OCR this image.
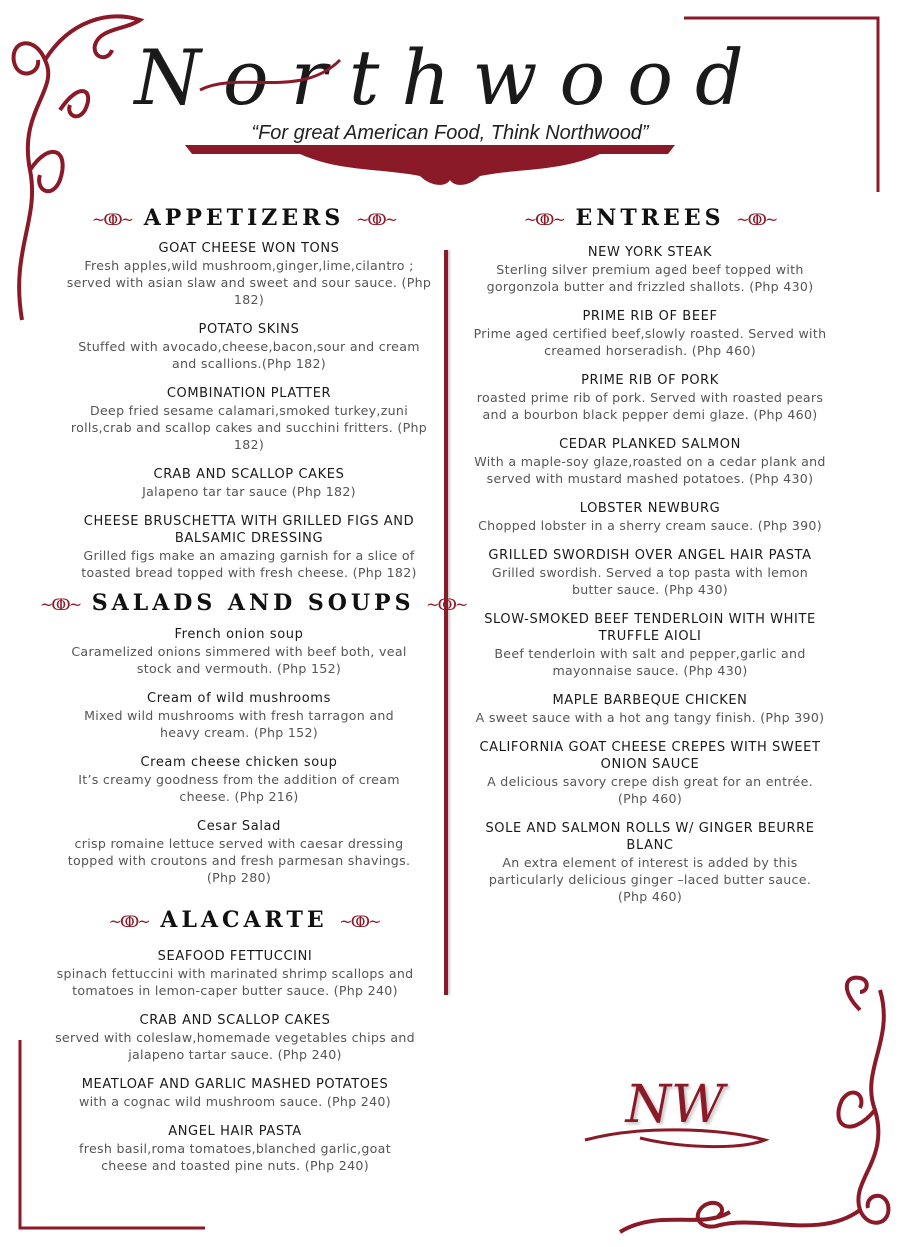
Northwood
“For great American Food, Think Northwood”
~ↂ~ APPETIZERS ~ↂ~
GOAT CHEESE WON TONS
Fresh apples,wild mushroom,ginger,lime,cilantro ; served with asian slaw and sweet and sour sauce. (Php 182)
POTATO SKINS
Stuffed with avocado,cheese,bacon,sour and cream and scallions.(Php 182)
COMBINATION PLATTER
Deep fried sesame calamari,smoked turkey,zuni rolls,crab and scallop cakes and succhini fritters. (Php 182)
CRAB AND SCALLOP CAKES
Jalapeno tar tar sauce (Php 182)
CHEESE BRUSCHETTA WITH GRILLED FIGS AND BALSAMIC DRESSING
Grilled figs make an amazing garnish for a slice of toasted bread topped with fresh cheese. (Php 182)
~ↂ~ SALADS AND SOUPS ~ↂ~
French onion soup
Caramelized onions simmered with beef both, veal stock and vermouth. (Php 152)
Cream of wild mushrooms
Mixed wild mushrooms with fresh tarragon and heavy cream. (Php 152)
Cream cheese chicken soup
It’s creamy goodness from the addition of cream cheese. (Php 216)
Cesar Salad
crisp romaine lettuce served with caesar dressing topped with croutons and fresh parmesan shavings. (Php 280)
~ↂ~ ALACARTE ~ↂ~
SEAFOOD FETTUCCINI
spinach fettuccini with marinated shrimp scallops and tomatoes in lemon-caper butter sauce. (Php 240)
CRAB AND SCALLOP CAKES
served with coleslaw,homemade vegetables chips and jalapeno tartar sauce. (Php 240)
MEATLOAF AND GARLIC MASHED POTATOES
with a cognac wild mushroom sauce. (Php 240)
ANGEL HAIR PASTA
fresh basil,roma tomatoes,blanched garlic,goat cheese and toasted pine nuts. (Php 240)
~ↂ~ ENTREES ~ↂ~
NEW YORK STEAK
Sterling silver premium aged beef topped with gorgonzola butter and frizzled shallots. (Php 430)
PRIME RIB OF BEEF
Prime aged certified beef,slowly roasted. Served with creamed horseradish. (Php 460)
PRIME RIB OF PORK
roasted prime rib of pork. Served with roasted pears and a bourbon black pepper demi glaze. (Php 460)
CEDAR PLANKED SALMON
With a maple-soy glaze,roasted on a cedar plank and served with mustard mashed potatoes. (Php 430)
LOBSTER NEWBURG
Chopped lobster in a sherry cream sauce. (Php 390)
GRILLED SWORDISH OVER ANGEL HAIR PASTA
Grilled swordish. Served a top pasta with lemon butter sauce. (Php 430)
SLOW-SMOKED BEEF TENDERLOIN WITH WHITE TRUFFLE AIOLI
Beef tenderloin with salt and pepper,garlic and mayonnaise sauce. (Php 430)
MAPLE BARBEQUE CHICKEN
A sweet sauce with a hot ang tangy finish. (Php 390)
CALIFORNIA GOAT CHEESE CREPES WITH SWEET ONION SAUCE
A delicious savory crepe dish great for an entrée. (Php 460)
SOLE AND SALMON ROLLS W/ GINGER BEURRE BLANC
An extra element of interest is added by this particularly delicious ginger –laced butter sauce. (Php 460)
NW
